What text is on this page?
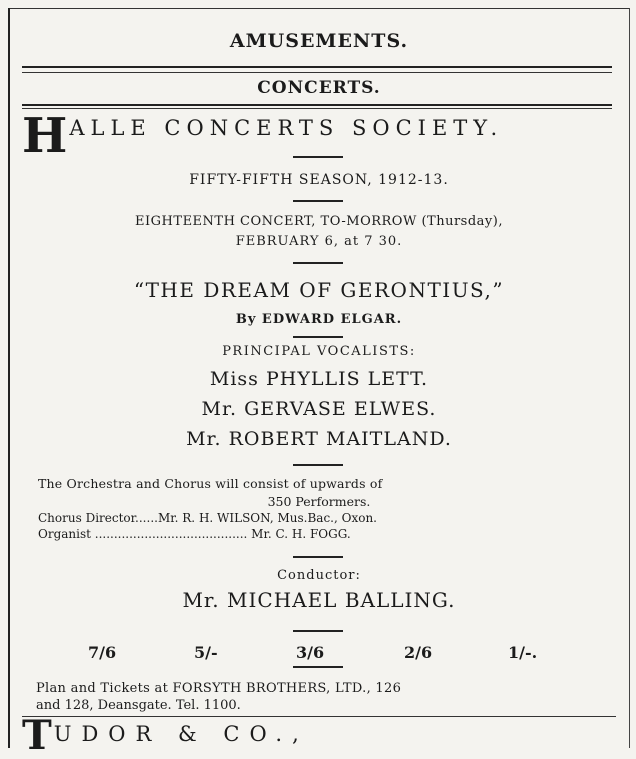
AMUSEMENTS.
CONCERTS.
HALLE CONCERTS SOCIETY.
FIFTY-FIFTH SEASON, 1912-13.
EIGHTEENTH CONCERT, TO-MORROW (Thursday),
FEBRUARY 6, at 7 30.
“THE DREAM OF GERONTIUS,”
By EDWARD ELGAR.
PRINCIPAL VOCALISTS:
Miss PHYLLIS LETT.
Mr. GERVASE ELWES.
Mr. ROBERT MAITLAND.
The Orchestra and Chorus will consist of upwards of
350 Performers.
Chorus Director......Mr. R. H. WILSON, Mus.Bac., Oxon.
Organist ........................................ Mr. C. H. FOGG.
Conductor:
Mr. MICHAEL BALLING.
7/6	5/-	3/6	2/6	1/-.
Plan and Tickets at FORSYTH BROTHERS, LTD., 126
and 128, Deansgate. Tel. 1100.
TUDOR & CO.,
